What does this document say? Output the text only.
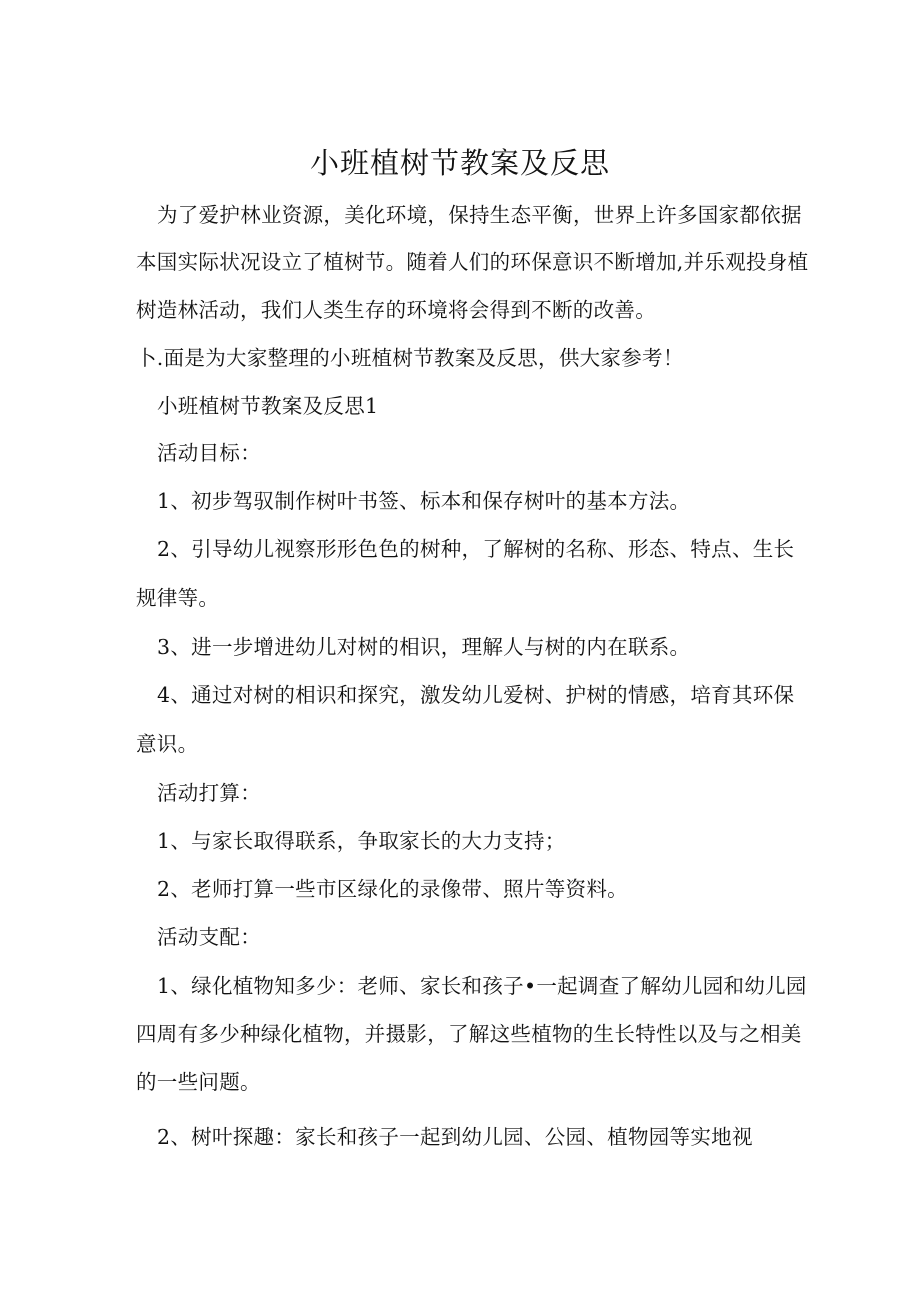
小班植树节教案及反思
为了爱护林业资源，美化环境，保持生态平衡，世界上许多国家都依据
本国实际状况设立了植树节。随着人们的环保意识不断增加,并乐观投身植
树造林活动，我们人类生存的环境将会得到不断的改善。
卜.面是为大家整理的小班植树节教案及反思，供大家参考！
小班植树节教案及反思1
活动目标：
1、初步驾驭制作树叶书签、标本和保存树叶的基本方法。
2、引导幼儿视察形形色色的树种，了解树的名称、形态、特点、生长
规律等。
3、进一步增进幼儿对树的相识，理解人与树的内在联系。
4、通过对树的相识和探究，激发幼儿爱树、护树的情感，培育其环保
意识。
活动打算：
1、与家长取得联系，争取家长的大力支持；
2、老师打算一些市区绿化的录像带、照片等资料。
活动支配：
1、绿化植物知多少：老师、家长和孩子•一起调查了解幼儿园和幼儿园
四周有多少种绿化植物，并摄影，了解这些植物的生长特性以及与之相美
的一些问题。
2、树叶探趣：家长和孩子一起到幼儿园、公园、植物园等实地视
